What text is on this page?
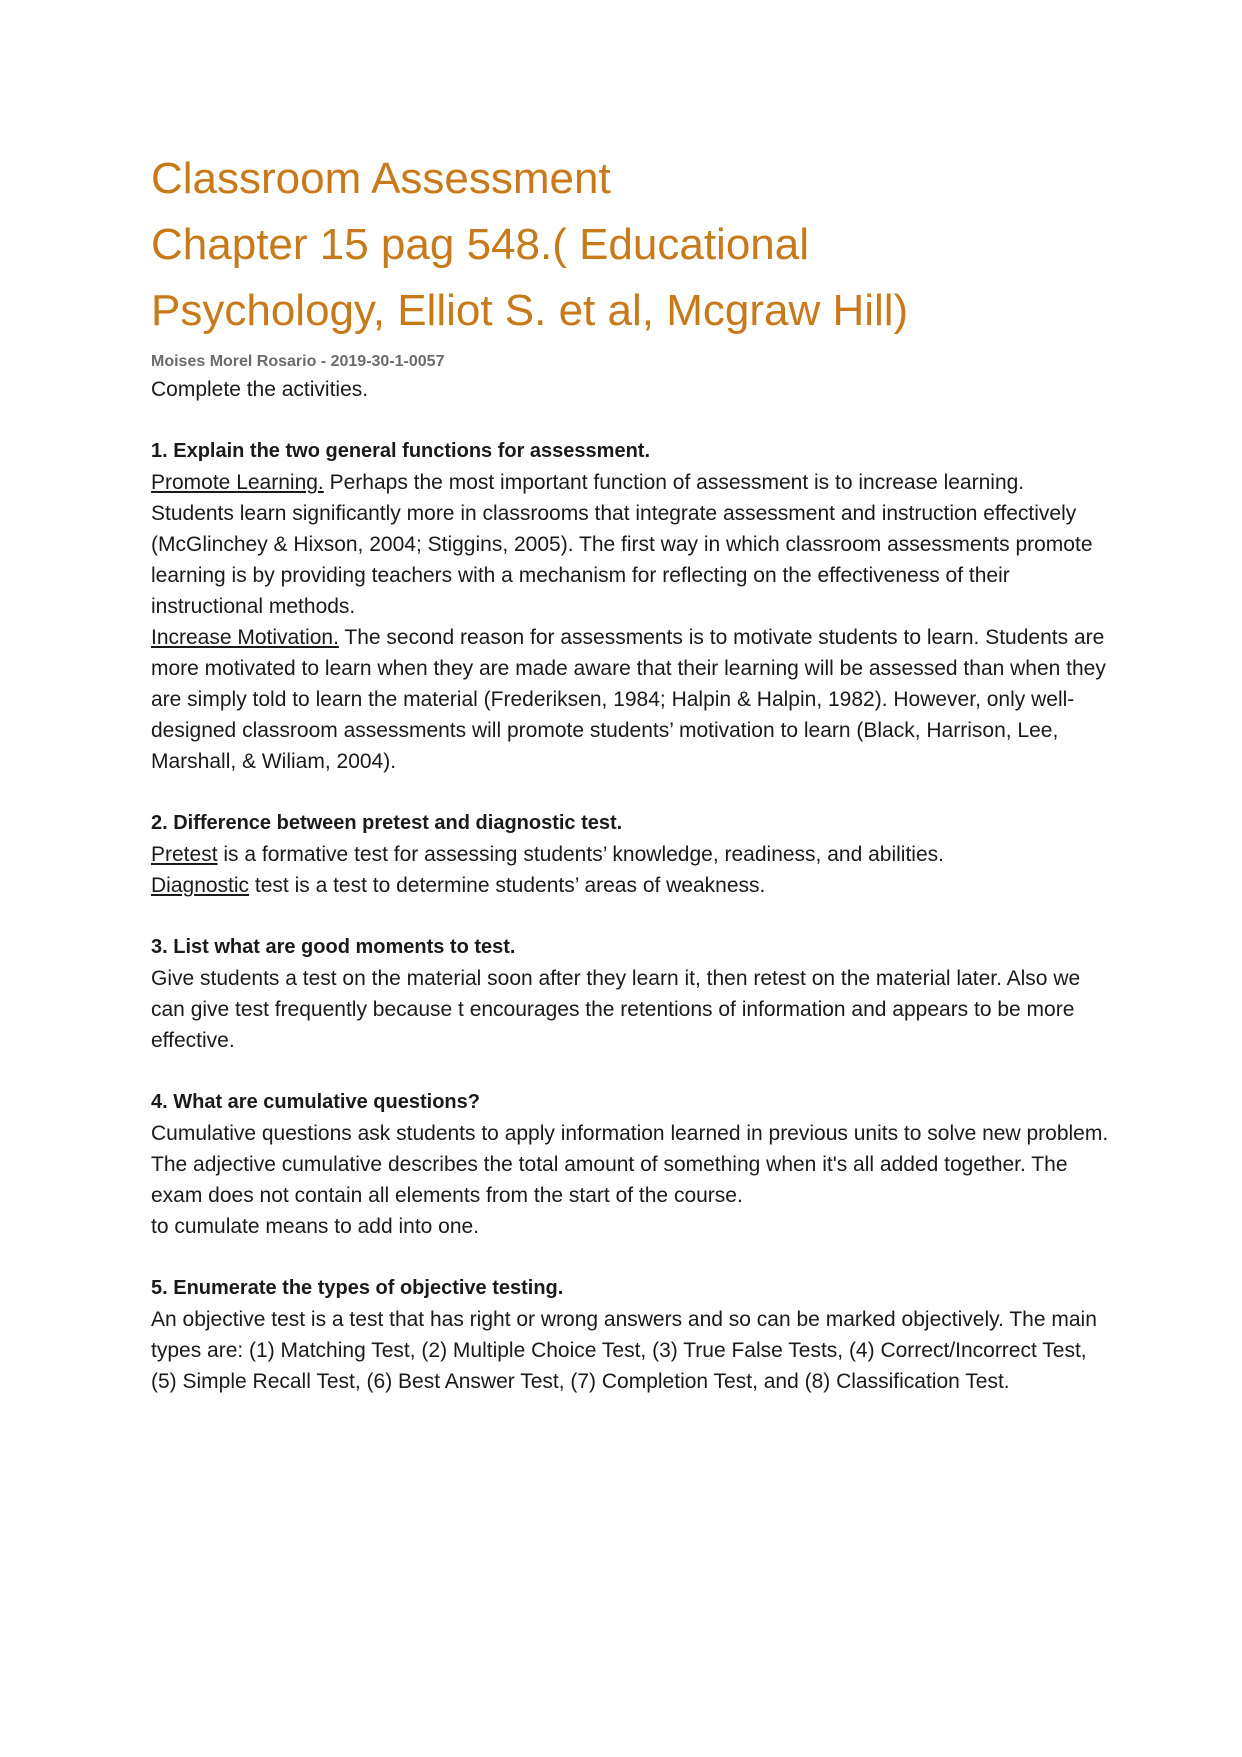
Classroom Assessment
Chapter 15 pag 548.( Educational
Psychology, Elliot S. et al, Mcgraw Hill)
Moises Morel Rosario - 2019-30-1-0057
Complete the activities.

1. Explain the two general functions for assessment.

Promote Learning. Perhaps the most important function of assessment is to increase learning. Students learn significantly more in classrooms that integrate assessment and instruction effectively (McGlinchey & Hixson, 2004; Stiggins, 2005). The first way in which classroom assessments promote learning is by providing teachers with a mechanism for reflecting on the effectiveness of their instructional methods.

Increase Motivation. The second reason for assessments is to motivate students to learn. Students are more motivated to learn when they are made aware that their learning will be assessed than when they are simply told to learn the material (Frederiksen, 1984; Halpin & Halpin, 1982). However, only well-designed classroom assessments will promote students’ motivation to learn (Black, Harrison, Lee, Marshall, & Wiliam, 2004).

2. Difference between pretest and diagnostic test.

Pretest is a formative test for assessing students’ knowledge, readiness, and abilities.

Diagnostic test is a test to determine students’ areas of weakness.

3. List what are good moments to test.

Give students a test on the material soon after they learn it, then retest on the material later. Also we can give test frequently because t encourages the retentions of information and appears to be more effective.

4. What are cumulative questions?

Cumulative questions ask students to apply information learned in previous units to solve new problem. The adjective cumulative describes the total amount of something when it's all added together. The exam does not contain all elements from the start of the course.

to cumulate means to add into one.

5. Enumerate the types of objective testing.

An objective test is a test that has right or wrong answers and so can be marked objectively. The main types are: (1) Matching Test, (2) Multiple Choice Test, (3) True False Tests, (4) Correct/Incorrect Test, (5) Simple Recall Test, (6) Best Answer Test, (7) Completion Test, and (8) Classification Test.
